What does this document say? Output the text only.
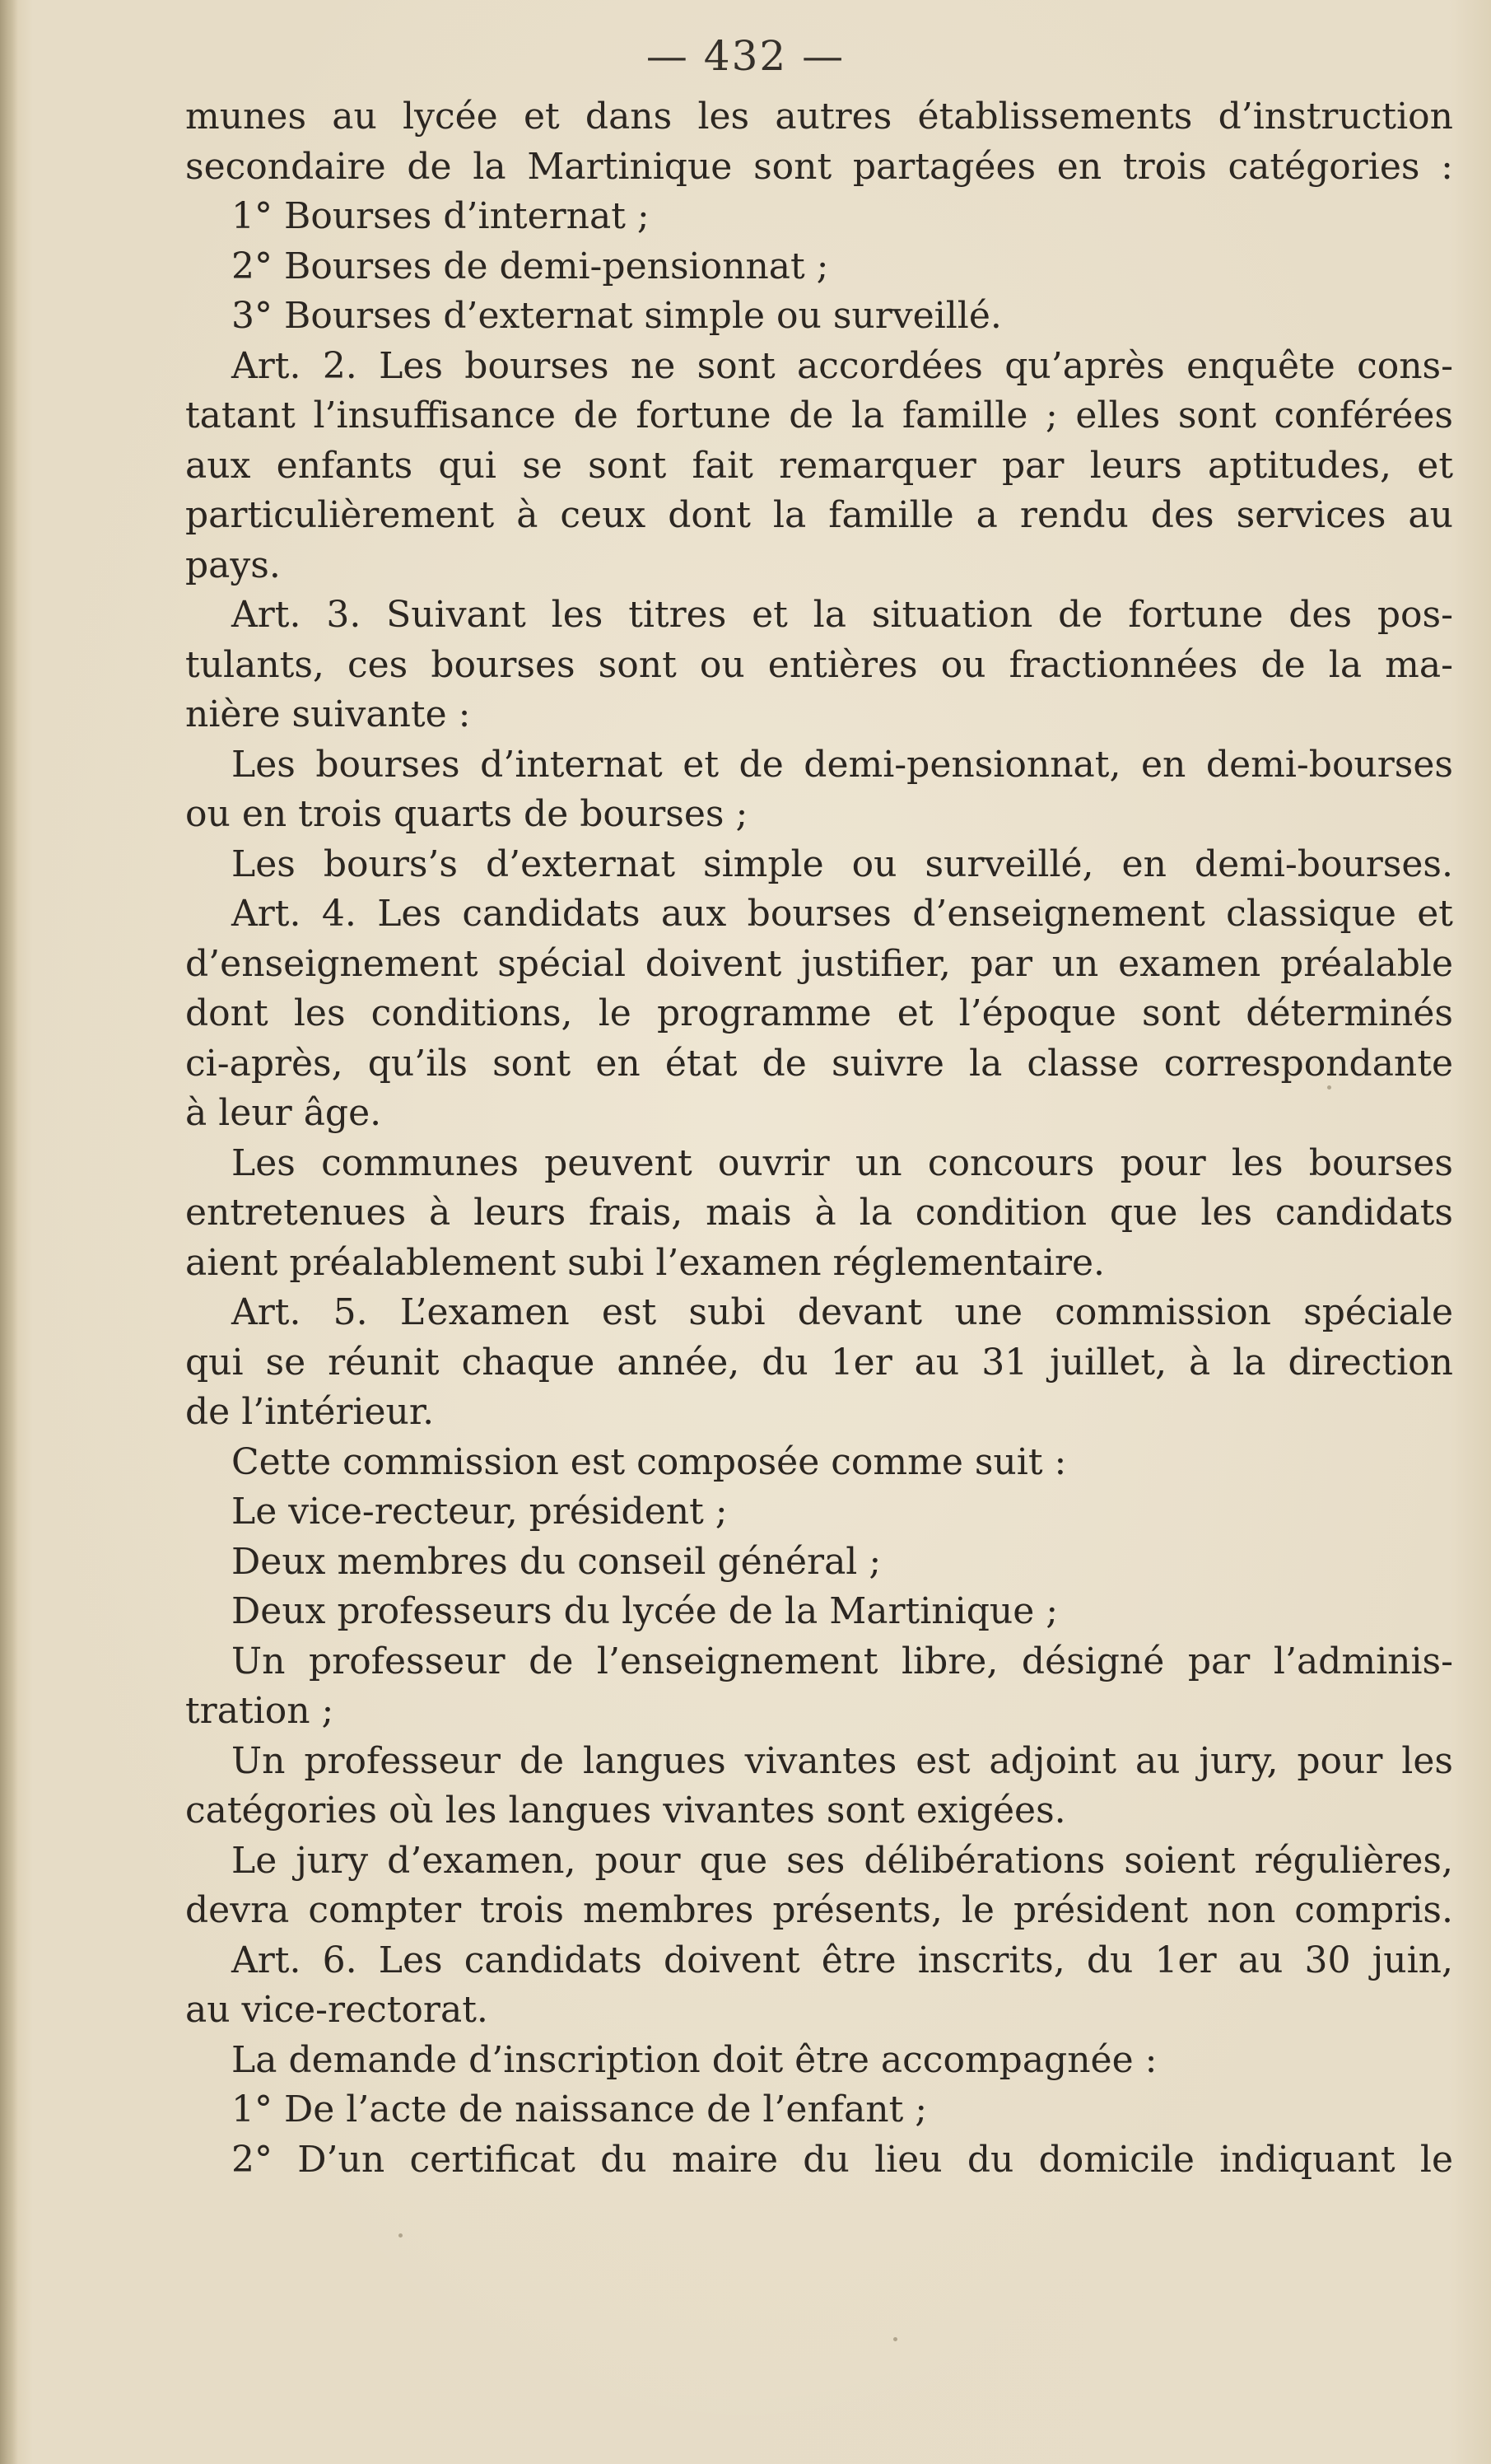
— 432 —
munes au lycée et dans les autres établissements d’instruction
secondaire de la Martinique sont partagées en trois catégories :
1° Bourses d’internat ;
2° Bourses de demi-pensionnat ;
3° Bourses d’externat simple ou surveillé.
Art. 2. Les bourses ne sont accordées qu’après enquête cons-
tatant l’insuffisance de fortune de la famille ; elles sont conférées
aux enfants qui se sont fait remarquer par leurs aptitudes, et
particulièrement à ceux dont la famille a rendu des services au
pays.
Art. 3. Suivant les titres et la situation de fortune des pos-
tulants, ces bourses sont ou entières ou fractionnées de la ma-
nière suivante :
Les bourses d’internat et de demi-pensionnat, en demi-bourses
ou en trois quarts de bourses ;
Les bours’s d’externat simple ou surveillé, en demi-bourses.
Art. 4. Les candidats aux bourses d’enseignement classique et
d’enseignement spécial doivent justifier, par un examen préalable
dont les conditions, le programme et l’époque sont déterminés
ci-après, qu’ils sont en état de suivre la classe correspondante
à leur âge.
Les communes peuvent ouvrir un concours pour les bourses
entretenues à leurs frais, mais à la condition que les candidats
aient préalablement subi l’examen réglementaire.
Art. 5. L’examen est subi devant une commission spéciale
qui se réunit chaque année, du 1er au 31 juillet, à la direction
de l’intérieur.
Cette commission est composée comme suit :
Le vice-recteur, président ;
Deux membres du conseil général ;
Deux professeurs du lycée de la Martinique ;
Un professeur de l’enseignement libre, désigné par l’adminis-
tration ;
Un professeur de langues vivantes est adjoint au jury, pour les
catégories où les langues vivantes sont exigées.
Le jury d’examen, pour que ses délibérations soient régulières,
devra compter trois membres présents, le président non compris.
Art. 6. Les candidats doivent être inscrits, du 1er au 30 juin,
au vice-rectorat.
La demande d’inscription doit être accompagnée :
1° De l’acte de naissance de l’enfant ;
2° D’un certificat du maire du lieu du domicile indiquant le
